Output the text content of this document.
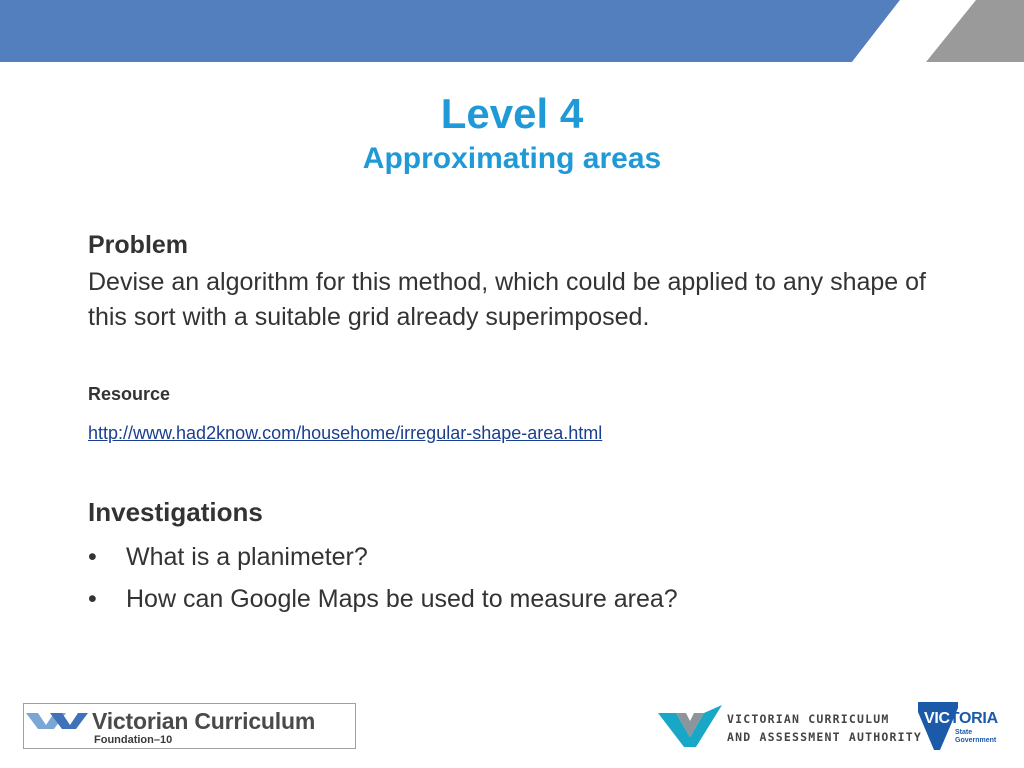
Level 4
Approximating areas
Problem

Devise an algorithm for this method, which could be applied to any shape of this sort with a suitable grid already superimposed.

Resource
http://www.had2know.com/househome/irregular-shape-area.html
Investigations
• What is a planimeter?
• How can Google Maps be used to measure area?
Victorian Curriculum
Foundation–10
VICTORIAN CURRICULUM
AND ASSESSMENT AUTHORITY
VICTORIA
State
Government
